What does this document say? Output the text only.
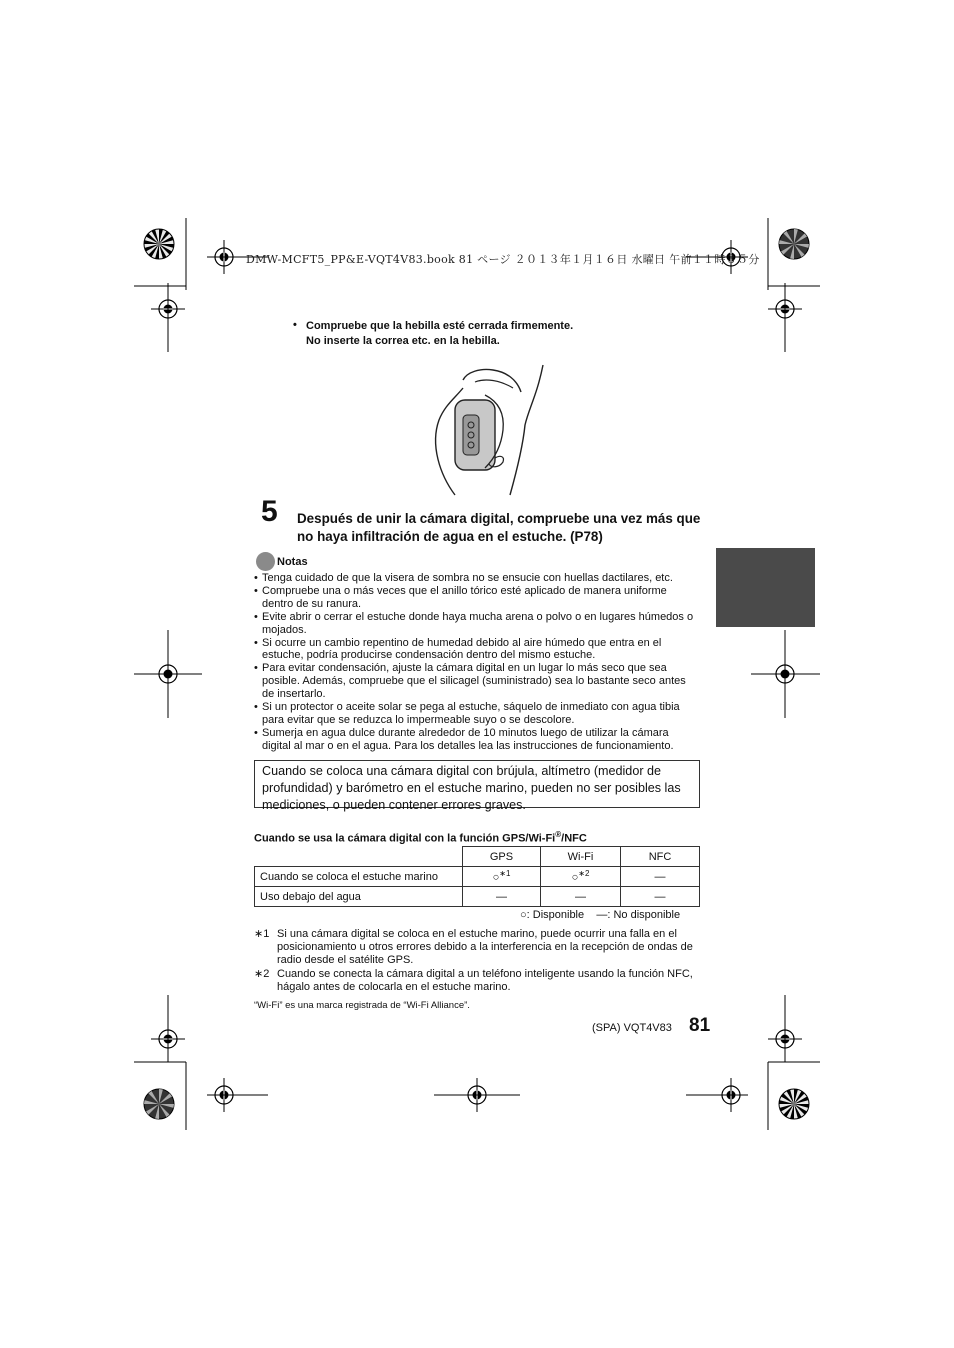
DMW-MCFT5_PP&E-VQT4V83.book 81 ページ ２０１３年１月１６日 水曜日 午前１１時３５分
• Compruebe que la hebilla esté cerrada firmemente.
No inserte la correa etc. en la hebilla.
5 Después de unir la cámara digital, compruebe una vez más que no haya infiltración de agua en el estuche. (P78)
Notas
• Tenga cuidado de que la visera de sombra no se ensucie con huellas dactilares, etc.
• Compruebe una o más veces que el anillo tórico esté aplicado de manera uniforme dentro de su ranura.
• Evite abrir o cerrar el estuche donde haya mucha arena o polvo o en lugares húmedos o mojados.
• Si ocurre un cambio repentino de humedad debido al aire húmedo que entra en el estuche, podría producirse condensación dentro del mismo estuche.
• Para evitar condensación, ajuste la cámara digital en un lugar lo más seco que sea posible. Además, compruebe que el silicagel (suministrado) sea lo bastante seco antes de insertarlo.
• Si un protector o aceite solar se pega al estuche, sáquelo de inmediato con agua tibia para evitar que se reduzca lo impermeable suyo o se descolore.
• Sumerja en agua dulce durante alrededor de 10 minutos luego de utilizar la cámara digital al mar o en el agua. Para los detalles lea las instrucciones de funcionamiento.
Cuando se coloca una cámara digital con brújula, altímetro (medidor de profundidad) y barómetro en el estuche marino, pueden no ser posibles las mediciones, o pueden contener errores graves.
Cuando se usa la cámara digital con la función GPS/Wi-Fi®/NFC
	GPS	Wi-Fi	NFC
Cuando se coloca el estuche marino	○$^{∗1}$	○$^{∗2}$	—
Uso debajo del agua	—	—	—
○: Disponible    —: No disponible
∗1 Si una cámara digital se coloca en el estuche marino, puede ocurrir una falla en el posicionamiento u otros errores debido a la interferencia en la recepción de ondas de radio desde el satélite GPS.
∗2 Cuando se conecta la cámara digital a un teléfono inteligente usando la función NFC, hágalo antes de colocarla en el estuche marino.
“Wi-Fi” es una marca registrada de “Wi-Fi Alliance”.
(SPA) VQT4V83 81
